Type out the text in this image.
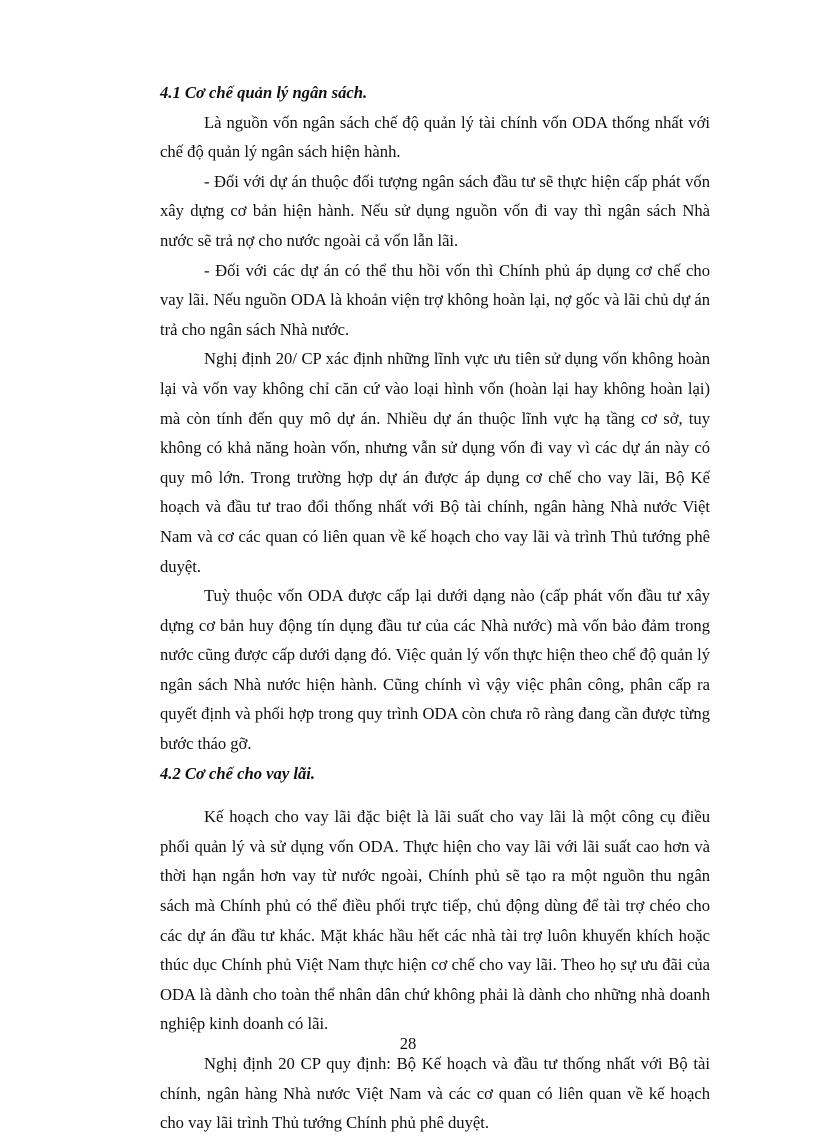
4.1 Cơ chế quản lý ngân sách.

Là nguồn vốn ngân sách chế độ quản lý tài chính vốn ODA thống nhất với chế độ quản lý ngân sách hiện hành.

- Đối với dự án thuộc đối tượng ngân sách đầu tư sẽ thực hiện cấp phát vốn xây dựng cơ bản hiện hành. Nếu sử dụng nguồn vốn đi vay thì ngân sách Nhà nước sẽ trả nợ cho nước ngoài cả vốn lẫn lãi.

- Đối với các dự án có thể thu hồi vốn thì Chính phủ áp dụng cơ chế cho vay lãi. Nếu nguồn ODA là khoản viện trợ không hoàn lại, nợ gốc và lãi chủ dự án trả cho ngân sách Nhà nước.

Nghị định 20/ CP xác định những lĩnh vực ưu tiên sử dụng vốn không hoàn lại và vốn vay không chỉ căn cứ vào loại hình vốn (hoàn lại hay không hoàn lại) mà còn tính đến quy mô dự án. Nhiều dự án thuộc lĩnh vực hạ tầng cơ sở, tuy không có khả năng hoàn vốn, nhưng vẫn sử dụng vốn đi vay vì các dự án này có quy mô lớn. Trong trường hợp dự án được áp dụng cơ chế cho vay lãi, Bộ Kế hoạch và đầu tư trao đổi thống nhất với Bộ tài chính, ngân hàng Nhà nước Việt Nam và cơ các quan có liên quan về kế hoạch cho vay lãi và trình Thủ tướng phê duyệt.

Tuỳ thuộc vốn ODA được cấp lại dưới dạng nào (cấp phát vốn đầu tư xây dựng cơ bản huy động tín dụng đầu tư của các Nhà nước) mà vốn bảo đảm trong nước cũng được cấp dưới dạng đó. Việc quản lý vốn thực hiện theo chế độ quản lý ngân sách Nhà nước hiện hành. Cũng chính vì vậy việc phân công, phân cấp ra quyết định và phối hợp trong quy trình ODA còn chưa rõ ràng đang cần được từng bước tháo gỡ.

4.2 Cơ chế cho vay lãi.

Kế hoạch cho vay lãi đặc biệt là lãi suất cho vay lãi là một công cụ điều phối quản lý và sử dụng vốn ODA. Thực hiện cho vay lãi với lãi suất cao hơn và thời hạn ngắn hơn vay từ nước ngoài, Chính phủ sẽ tạo ra một nguồn thu ngân sách mà Chính phủ có thể điều phối trực tiếp, chủ động dùng để tài trợ chéo cho các dự án đầu tư khác. Mặt khác hầu hết các nhà tài trợ luôn khuyến khích hoặc thúc dục Chính phủ Việt Nam thực hiện cơ chế cho vay lãi. Theo họ sự ưu đãi của ODA là dành cho toàn thể nhân dân chứ không phải là dành cho những nhà doanh nghiệp kinh doanh có lãi.

Nghị định 20 CP quy định: Bộ Kế hoạch và đầu tư thống nhất với Bộ tài chính, ngân hàng Nhà nước Việt Nam và các cơ quan có liên quan về kế hoạch cho vay lãi trình Thủ tướng Chính phủ phê duyệt.

28
